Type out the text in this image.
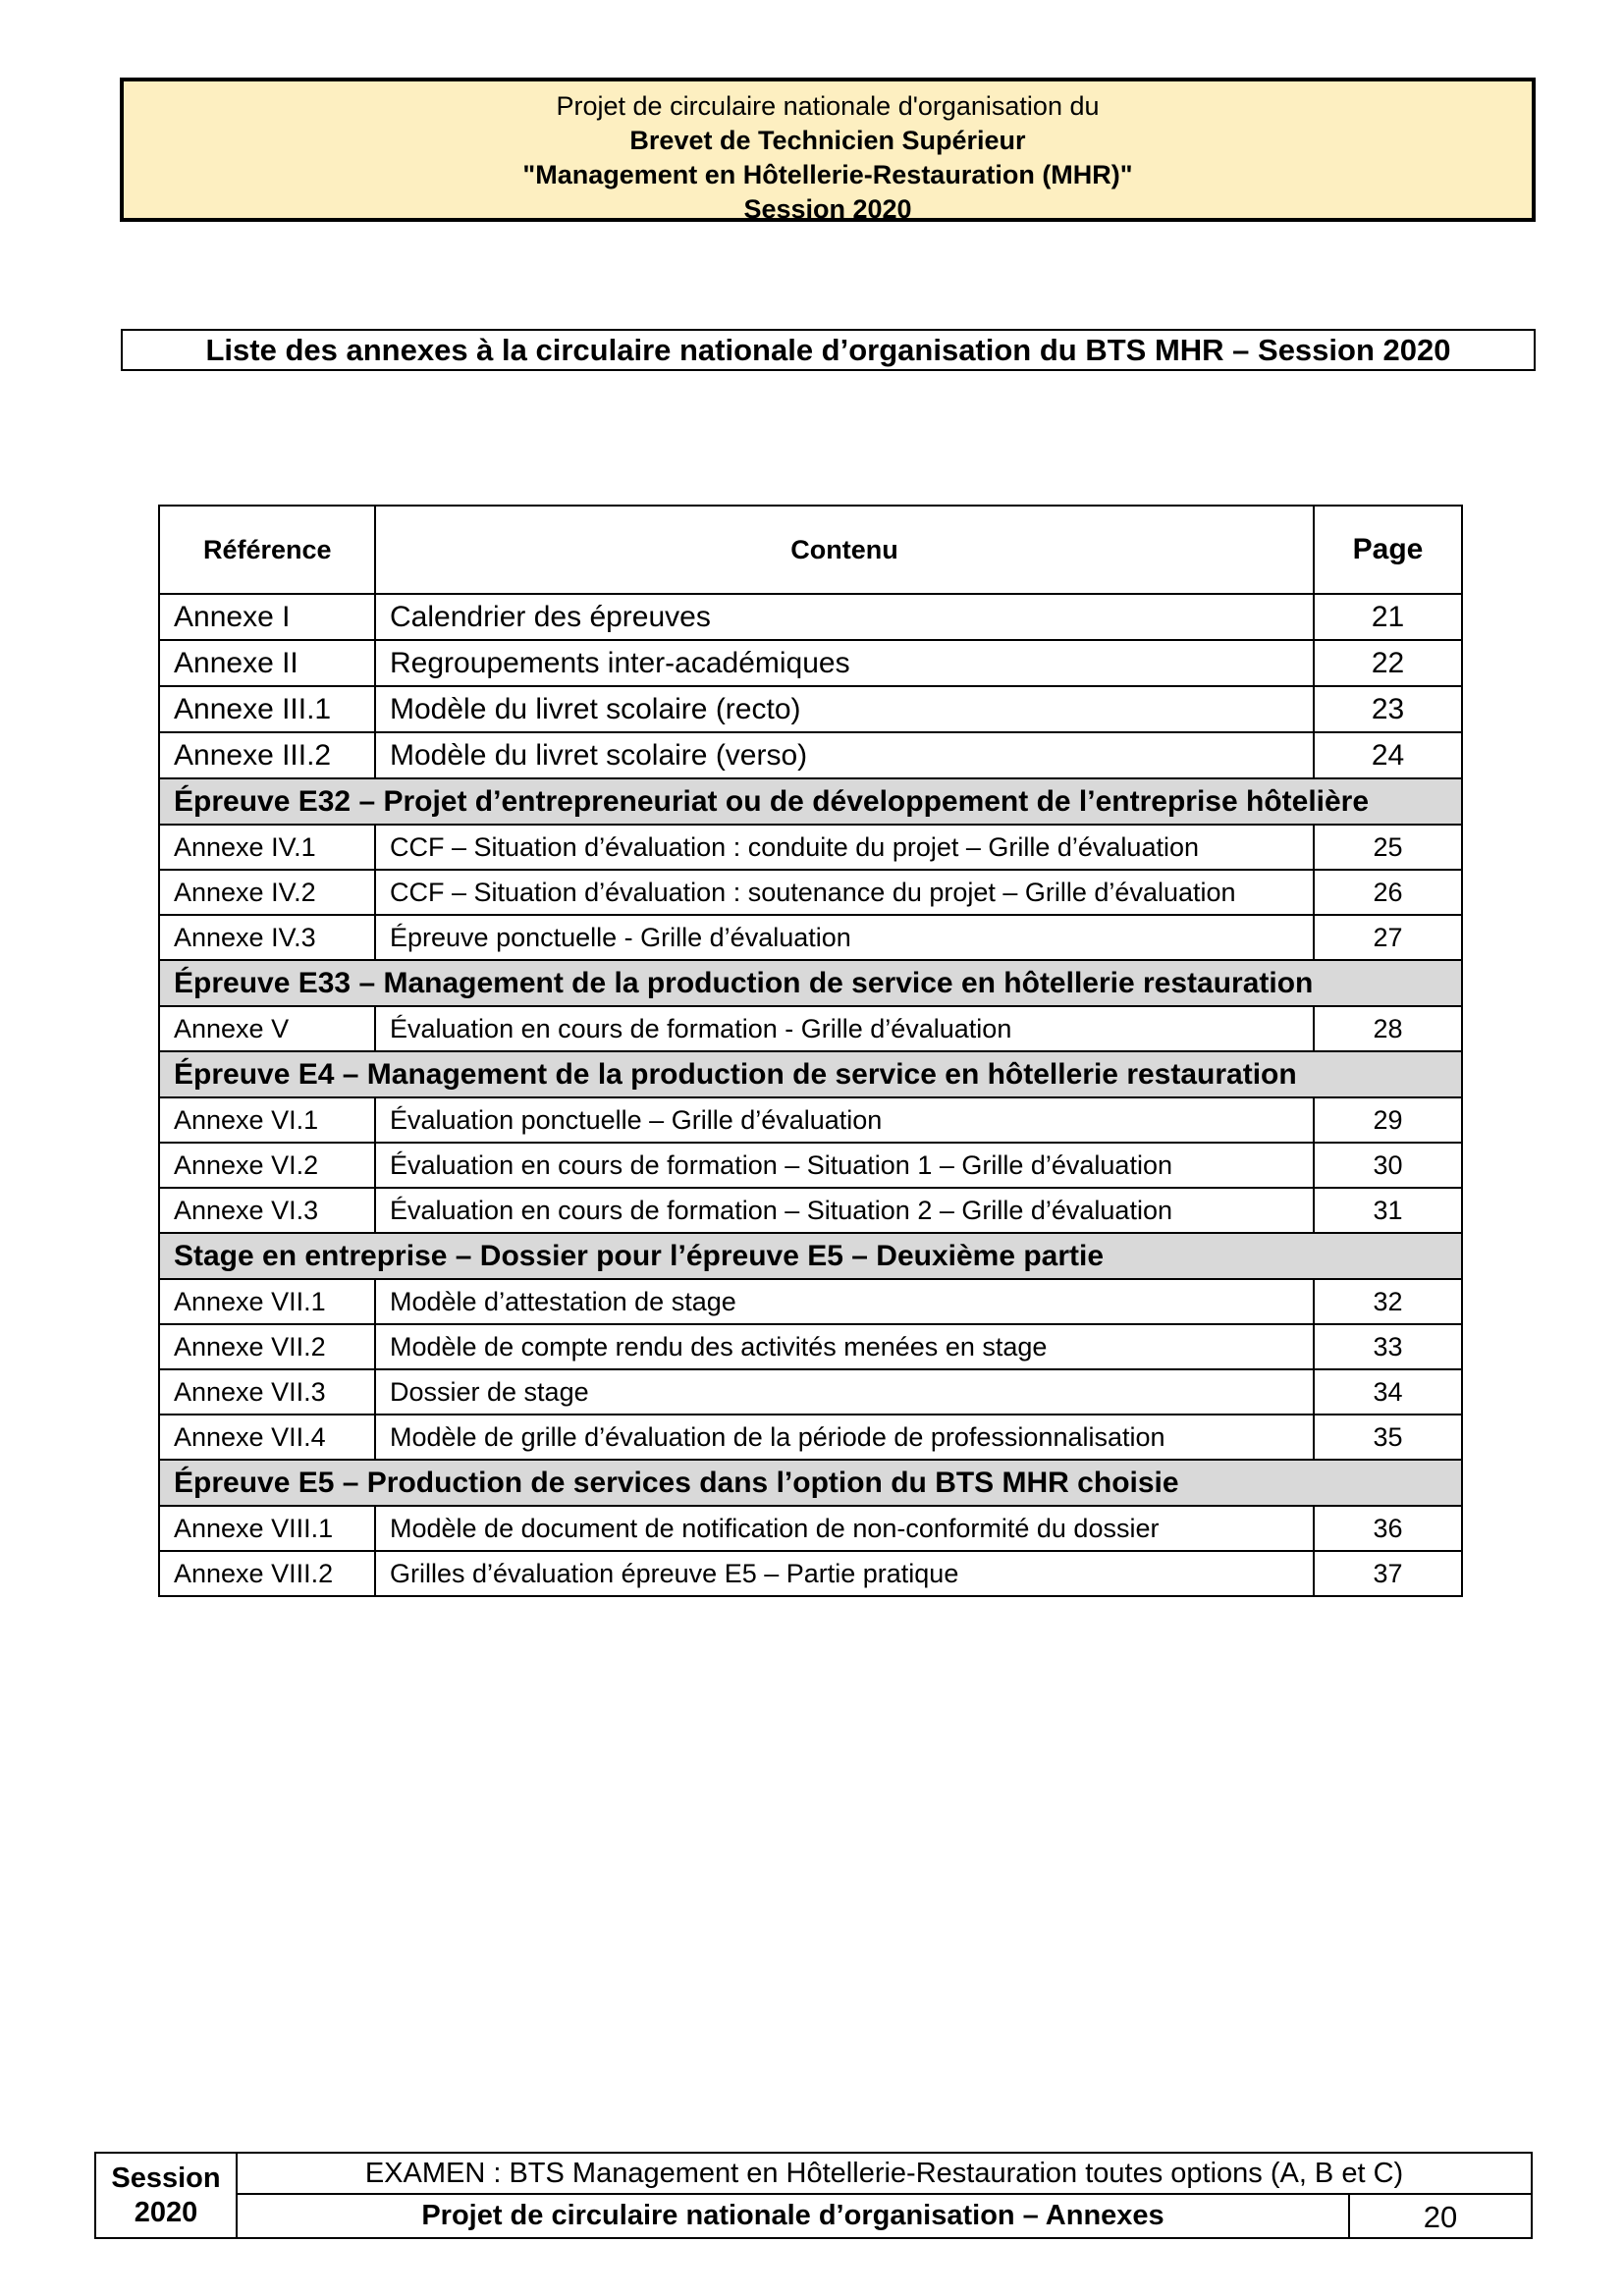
Projet de circulaire nationale d'organisation du
Brevet de Technicien Supérieur
"Management en Hôtellerie-Restauration (MHR)"
Session 2020
Liste des annexes à la circulaire nationale d’organisation du BTS MHR – Session 2020
Référence	Contenu	Page
Annexe I	Calendrier des épreuves	21
Annexe II	Regroupements inter-académiques	22
Annexe III.1	Modèle du livret scolaire (recto)	23
Annexe III.2	Modèle du livret scolaire (verso)	24
Épreuve E32 – Projet d’entrepreneuriat ou de développement de l’entreprise hôtelière		
Annexe IV.1	CCF – Situation d’évaluation : conduite du projet – Grille d’évaluation	25
Annexe IV.2	CCF – Situation d’évaluation : soutenance du projet – Grille d’évaluation	26
Annexe IV.3	Épreuve ponctuelle - Grille d’évaluation	27
Épreuve E33 – Management de la production de service en hôtellerie restauration		
Annexe V	Évaluation en cours de formation - Grille d’évaluation	28
Épreuve E4 – Management de la production de service en hôtellerie restauration		
Annexe VI.1	Évaluation ponctuelle – Grille d’évaluation	29
Annexe VI.2	Évaluation en cours de formation – Situation 1 – Grille d’évaluation	30
Annexe VI.3	Évaluation en cours de formation – Situation 2 – Grille d’évaluation	31
Stage en entreprise – Dossier pour l’épreuve E5 – Deuxième partie		
Annexe VII.1	Modèle d’attestation de stage	32
Annexe VII.2	Modèle de compte rendu des activités menées en stage	33
Annexe VII.3	Dossier de stage	34
Annexe VII.4	Modèle de grille d’évaluation de la période de professionnalisation	35
Épreuve E5 – Production de services dans l’option du BTS MHR choisie		
Annexe VIII.1	Modèle de document de notification de non-conformité du dossier	36
Annexe VIII.2	Grilles d’évaluation épreuve E5 – Partie pratique	37
Session
2020
EXAMEN : BTS Management en Hôtellerie-Restauration toutes options (A, B et C)
Projet de circulaire nationale d’organisation – Annexes	20
